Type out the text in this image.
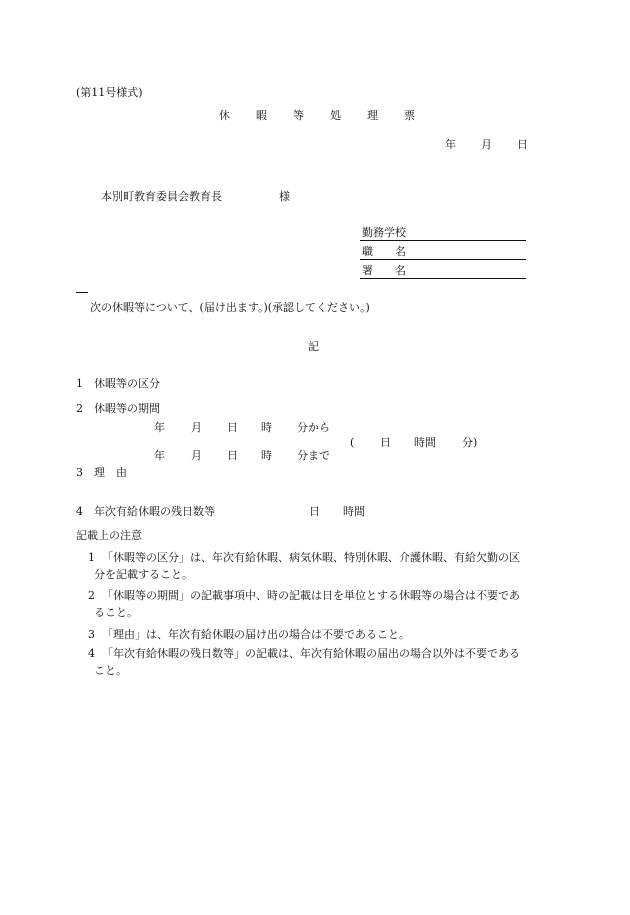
(第11号様式)
休 暇 等 処 理 票
年 月 日
本別町教育委員会教育長	様
勤務学校
職　　名
署　　名
次の休暇等について、(届け出ます。)(承認してください。)
記
1　休暇等の区分
2　休暇等の期間
年 月 日 時 分から
( 日 時間 分)
年 月 日 時 分まで
3　理　由
4　年次有給休暇の残日数等	日 時間
記載上の注意
1 「休暇等の区分」は、年次有給休暇、病気休暇、特別休暇、介護休暇、有給欠勤の区
分を記載すること。
2 「休暇等の期間」の記載事項中、時の記載は日を単位とする休暇等の場合は不要であ
ること。
3 「理由」は、年次有給休暇の届け出の場合は不要であること。
4 「年次有給休暇の残日数等」の記載は、年次有給休暇の届出の場合以外は不要である
こと。
